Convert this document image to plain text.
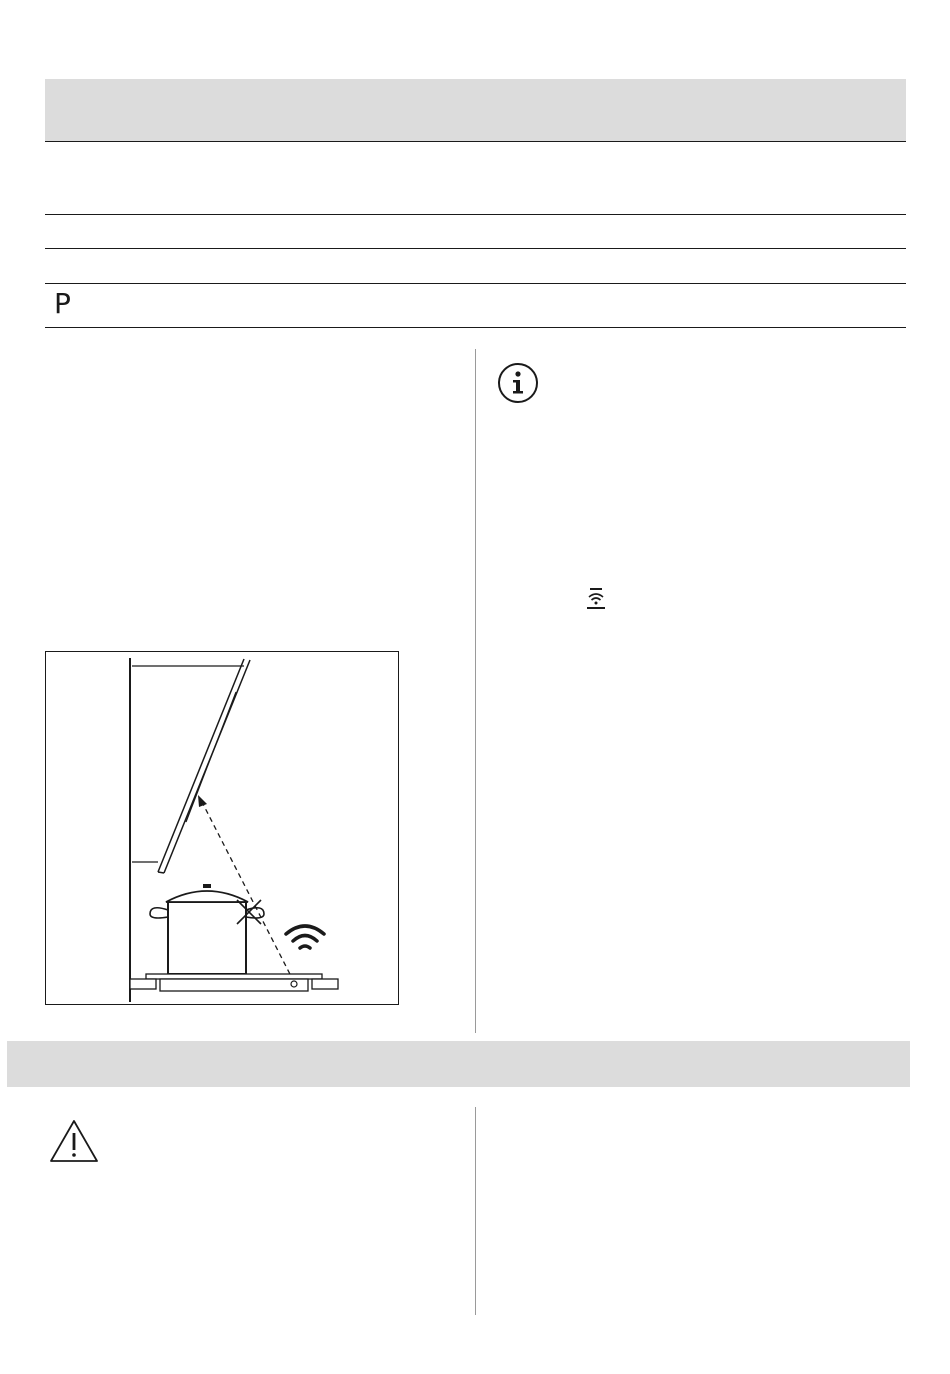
P
